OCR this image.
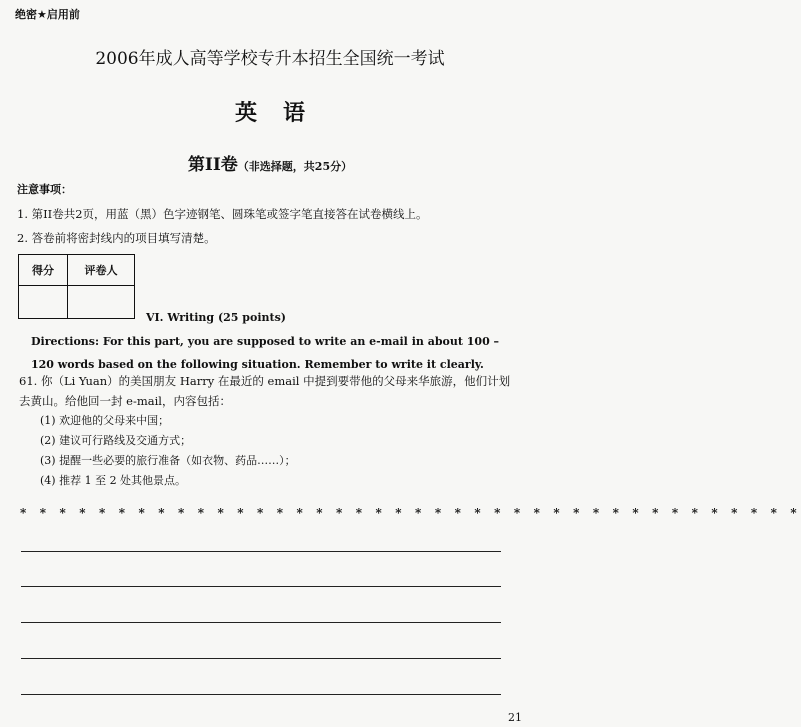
绝密★启用前
2006年成人高等学校专升本招生全国统一考试
英语
第II卷（非选择题，共25分）
注意事项：
1. 第II卷共2页，用蓝（黑）色字迹钢笔、圆珠笔或签字笔直接答在试卷横线上。
2. 答卷前将密封线内的项目填写清楚。
得分	评卷人

VI. Writing (25 points)
Directions: For this part, you are supposed to write an e-mail in about 100 – 120 words based on the following situation. Remember to write it clearly.
61. 你（Li Yuan）的美国朋友 Harry 在最近的 email 中提到要带他的父母来华旅游，他们计划去黄山。给他回一封 e-mail，内容包括：
(1) 欢迎他的父母来中国；
(2) 建议可行路线及交通方式；
(3) 提醒一些必要的旅行准备（如衣物、药品……）；
(4) 推荐 1 至 2 处其他景点。
* * * * * * * * * * * * * * * * * * * * * * * * * * * * * * * * * * * * * * * *
21
